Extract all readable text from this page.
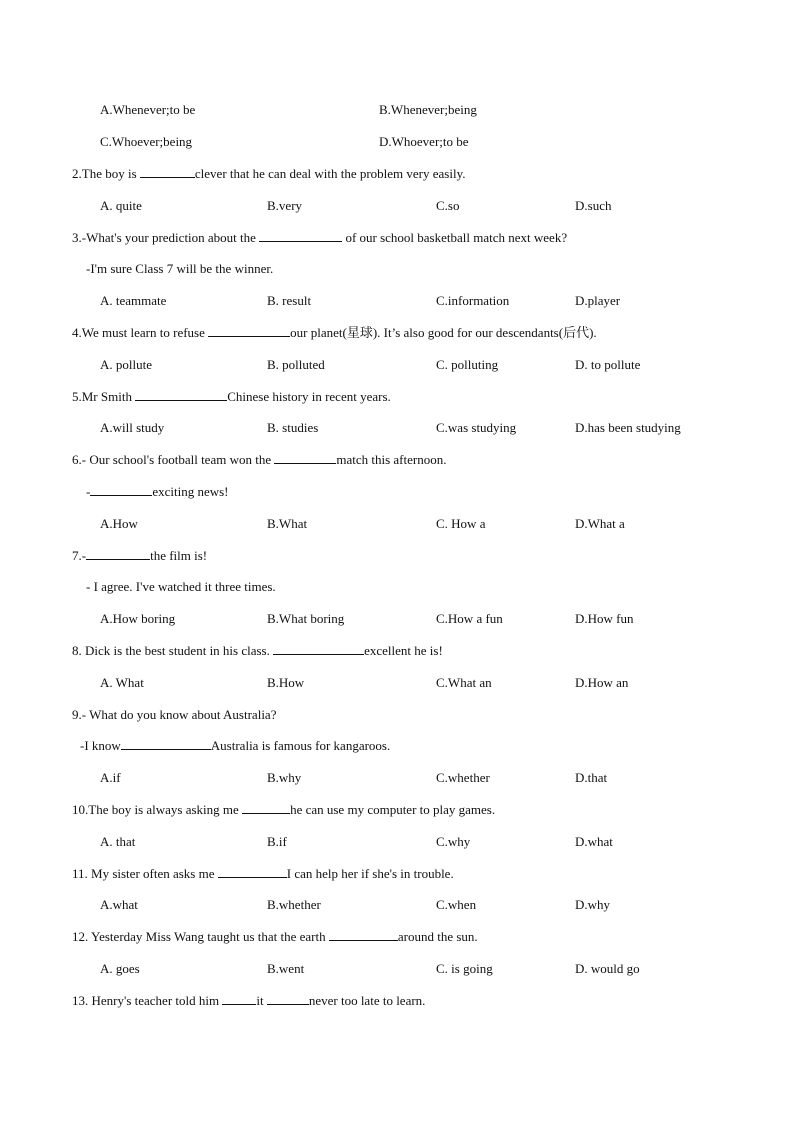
A.Whenever;to be	B.Whenever;being
C.Whoever;being	D.Whoever;to be
2.The boy is	clever that he can deal with the problem very easily.
A. quite	B.very	C.so	D.such
3.-What's your prediction about the	of our school basketball match next week?
-I'm sure Class 7 will be the winner.
A. teammate	B. result	C.information	D.player
4.We must learn to refuse	our planet(星球). It’s also good for our descendants(后代).
A. pollute	B. polluted	C. polluting	D. to pollute
5.Mr Smith	Chinese history in recent years.
A.will study	B. studies	C.was studying	D.has been studying
6.- Our school's football team won the	match this afternoon.
-	exciting news!
A.How	B.What	C. How a	D.What a
7.-	the film is!
- I agree. I've watched it three times.
A.How boring	B.What boring	C.How a fun	D.How fun
8. Dick is the best student in his class.	excellent he is!
A. What	B.How	C.What an	D.How an
9.- What do you know about Australia?
-I know	Australia is famous for kangaroos.
A.if	B.why	C.whether	D.that
10.The boy is always asking me	he can use my computer to play games.
A. that	B.if	C.why	D.what
11. My sister often asks me	I can help her if she's in trouble.
A.what	B.whether	C.when	D.why
12. Yesterday Miss Wang taught us that the earth	around the sun.
A. goes	B.went	C. is going	D. would go
13. Henry's teacher told him	it	never too late to learn.
